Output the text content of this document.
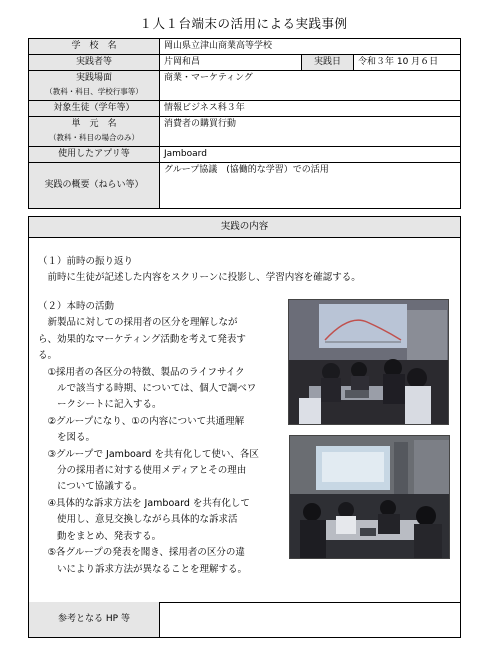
１人１台端末の活用による実践事例
学　校　名	岡山県立津山商業高等学校		
実践者等	片岡和昌	実践日	令和３年 10 月６日

実践場面
（教科・科目、学校行事等）	商業・マーケティング		
対象生徒（学年等）	情報ビジネス科３年		

単　元　名
（教科・科目の場合のみ）	消費者の購買行動		
使用したアプリ等	Jamboard		
実践の概要（ねらい等）	グループ協議　(協働的な学習）での活用		
実践の内容
（１）前時の振り返り
　前時に生徒が記述した内容をスクリーンに投影し、学習内容を確認する。
（２）本時の活動
　新製品に対しての採用者の区分を理解しなが
ら、効果的なマーケティング活動を考えて発表す
る。
　①採用者の各区分の特徴、製品のライフサイク
　　ルで該当する時期、については、個人で調べワ
　　ークシートに記入する。
　②グループになり、①の内容について共通理解
　　を図る。
　③グループで Jamboard を共有化して使い、各区
　　分の採用者に対する使用メディアとその理由
　　について協議する。
　④具体的な訴求方法を Jamboard を共有化して
　　使用し、意見交換しながら具体的な訴求活
　　動をまとめ、発表する。
　⑤各グループの発表を聞き、採用者の区分の違
　　いにより訴求方法が異なることを理解する。
参考となる HP 等
